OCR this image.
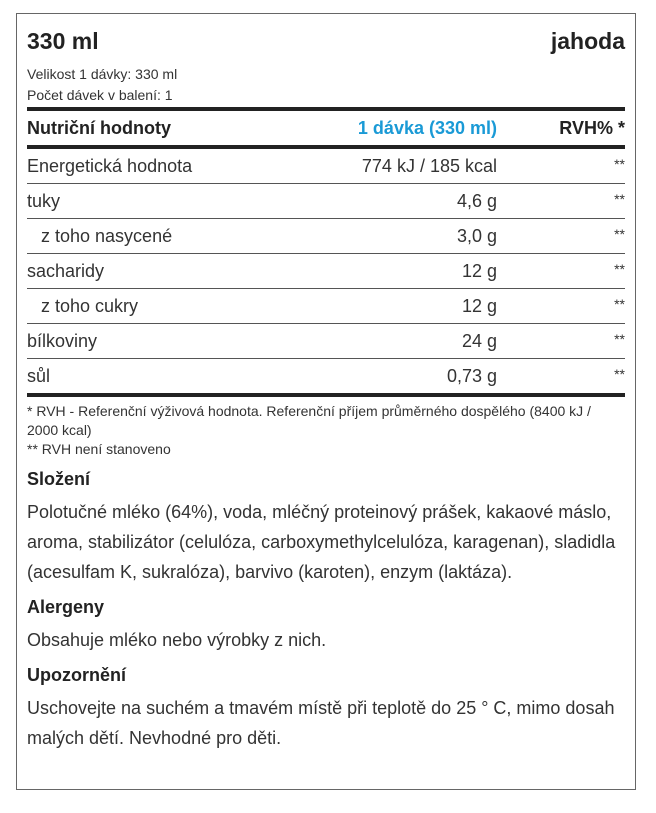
330 ml	jahoda
Velikost 1 dávky: 330 ml
Počet dávek v balení: 1
Nutriční hodnoty	1 dávka (330 ml)	RVH% *
Energetická hodnota	774 kJ / 185 kcal	**
tuky	4,6 g	**
z toho nasycené	3,0 g	**
sacharidy	12 g	**
z toho cukry	12 g	**
bílkoviny	24 g	**
sůl	0,73 g	**
* RVH - Referenční výživová hodnota. Referenční příjem průměrného dospělého (8400 kJ / 2000 kcal)
** RVH není stanoveno
Složení
Polotučné mléko (64%), voda, mléčný proteinový prášek, kakaové máslo, aroma, stabilizátor (celulóza, carboxymethylcelulóza, karagenan), sladidla (acesulfam K, sukralóza), barvivo (karoten), enzym (laktáza).
Alergeny
Obsahuje mléko nebo výrobky z nich.
Upozornění
Uschovejte na suchém a tmavém místě při teplotě do 25 ° C, mimo dosah malých dětí. Nevhodné pro děti.
